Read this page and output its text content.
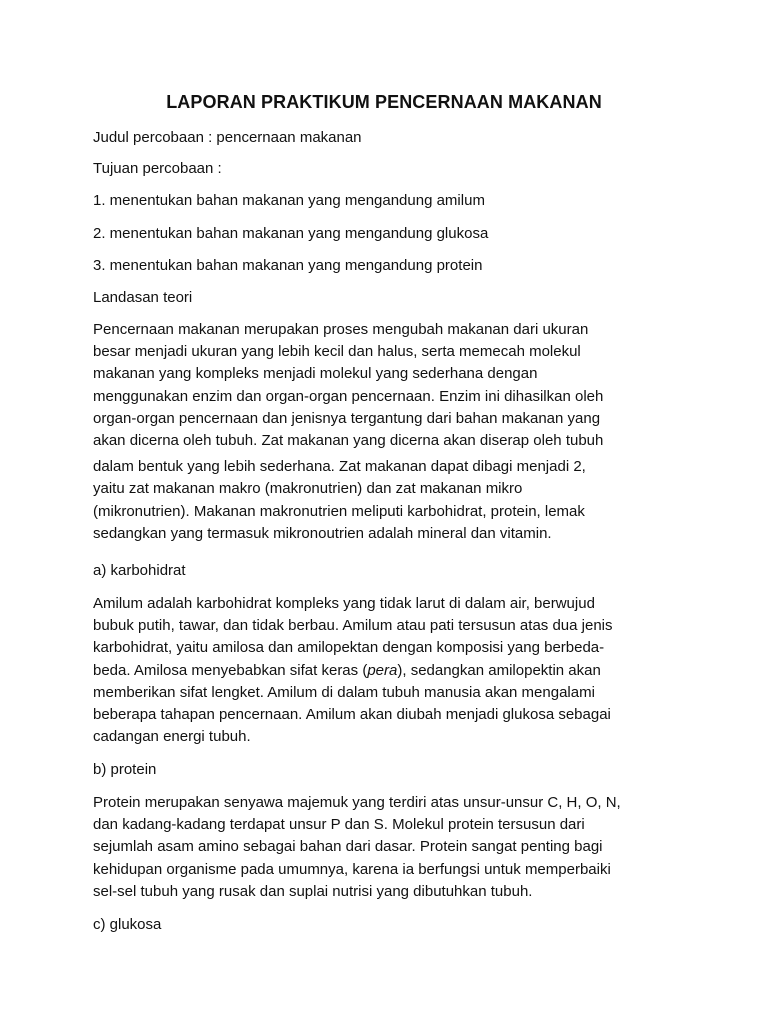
LAPORAN PRAKTIKUM PENCERNAAN MAKANAN
Judul percobaan : pencernaan makanan
Tujuan percobaan :
1. menentukan bahan makanan yang mengandung amilum
2. menentukan bahan makanan yang mengandung glukosa
3. menentukan bahan makanan yang mengandung protein
Landasan teori
Pencernaan makanan merupakan proses mengubah makanan dari ukuran
besar menjadi ukuran yang lebih kecil dan halus, serta memecah molekul
makanan yang kompleks menjadi molekul yang sederhana dengan
menggunakan enzim dan organ-organ pencernaan. Enzim ini dihasilkan oleh
organ-organ pencernaan dan jenisnya tergantung dari bahan makanan yang
akan dicerna oleh tubuh. Zat makanan yang dicerna akan diserap oleh tubuh
dalam bentuk yang lebih sederhana. Zat makanan dapat dibagi menjadi 2,
yaitu zat makanan makro (makronutrien) dan zat makanan mikro
(mikronutrien). Makanan makronutrien meliputi karbohidrat, protein, lemak
sedangkan yang termasuk mikronoutrien adalah mineral dan vitamin.
a) karbohidrat
Amilum adalah karbohidrat kompleks yang tidak larut di dalam air, berwujud
bubuk putih, tawar, dan tidak berbau. Amilum atau pati tersusun atas dua jenis
karbohidrat, yaitu amilosa dan amilopektan dengan komposisi yang berbeda-
beda. Amilosa menyebabkan sifat keras (pera), sedangkan amilopektin akan
memberikan sifat lengket. Amilum di dalam tubuh manusia akan mengalami
beberapa tahapan pencernaan. Amilum akan diubah menjadi glukosa sebagai
cadangan energi tubuh.
b) protein
Protein merupakan senyawa majemuk yang terdiri atas unsur-unsur C, H, O, N,
dan kadang-kadang terdapat unsur P dan S. Molekul protein tersusun dari
sejumlah asam amino sebagai bahan dari dasar. Protein sangat penting bagi
kehidupan organisme pada umumnya, karena ia berfungsi untuk memperbaiki
sel-sel tubuh yang rusak dan suplai nutrisi yang dibutuhkan tubuh.
c) glukosa
